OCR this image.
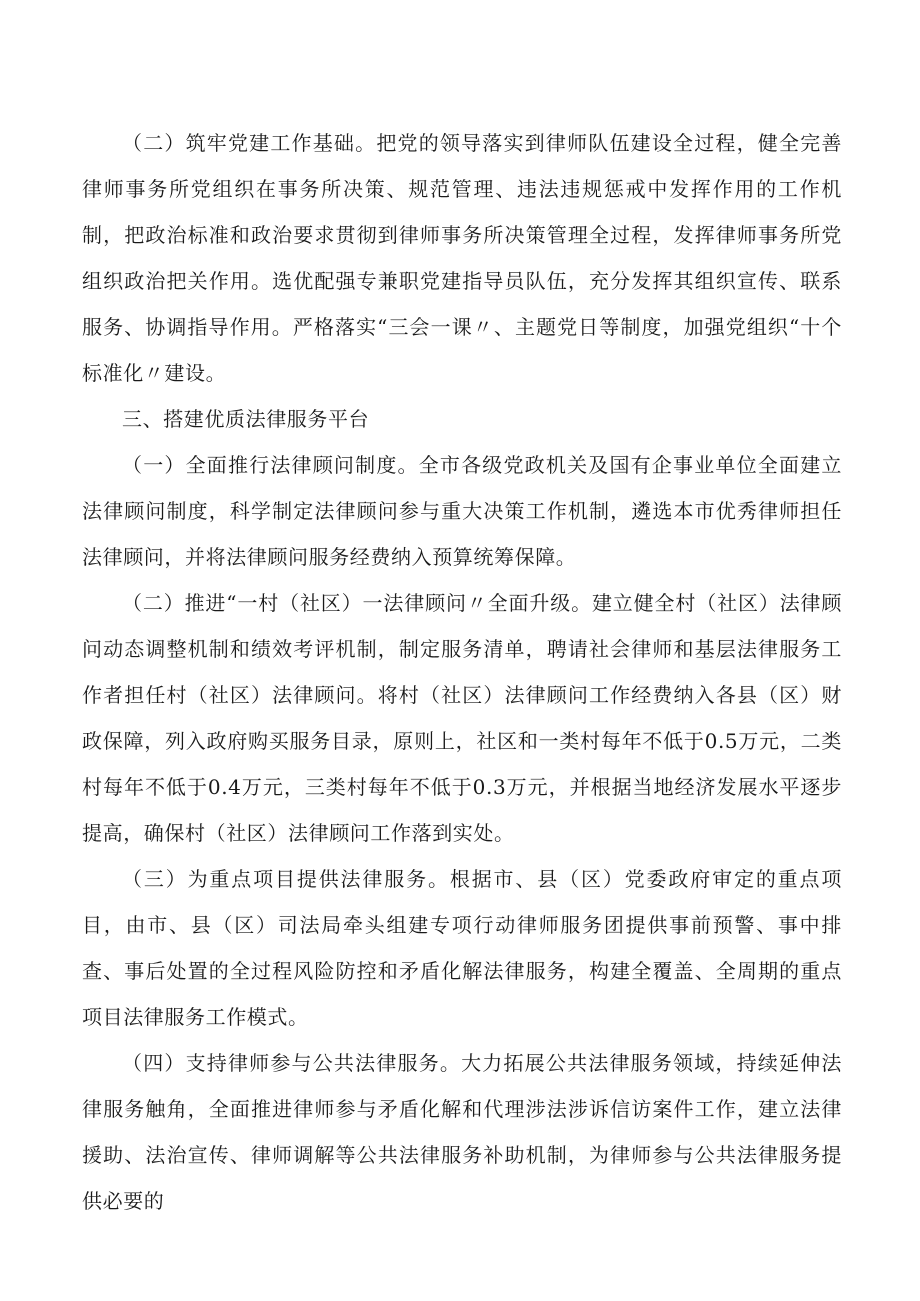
（二）筑牢党建工作基础。把党的领导落实到律师队伍建设全过程，健全完善律师事务所党组织在事务所决策、规范管理、违法违规惩戒中发挥作用的工作机制，把政治标准和政治要求贯彻到律师事务所决策管理全过程，发挥律师事务所党组织政治把关作用。选优配强专兼职党建指导员队伍，充分发挥其组织宣传、联系服务、协调指导作用。严格落实“三会一课〃、主题党日等制度，加强党组织“十个标准化〃建设。

三、搭建优质法律服务平台

（一）全面推行法律顾问制度。全市各级党政机关及国有企事业单位全面建立法律顾问制度，科学制定法律顾问参与重大决策工作机制，遴选本市优秀律师担任法律顾问，并将法律顾问服务经费纳入预算统筹保障。

（二）推进“一村（社区）一法律顾问〃全面升级。建立健全村（社区）法律顾问动态调整机制和绩效考评机制，制定服务清单，聘请社会律师和基层法律服务工作者担任村（社区）法律顾问。将村（社区）法律顾问工作经费纳入各县（区）财政保障，列入政府购买服务目录，原则上，社区和一类村每年不低于0.5万元，二类村每年不低于0.4万元，三类村每年不低于0.3万元，并根据当地经济发展水平逐步提高，确保村（社区）法律顾问工作落到实处。

（三）为重点项目提供法律服务。根据市、县（区）党委政府审定的重点项目，由市、县（区）司法局牵头组建专项行动律师服务团提供事前预警、事中排查、事后处置的全过程风险防控和矛盾化解法律服务，构建全覆盖、全周期的重点项目法律服务工作模式。

（四）支持律师参与公共法律服务。大力拓展公共法律服务领域，持续延伸法律服务触角，全面推进律师参与矛盾化解和代理涉法涉诉信访案件工作，建立法律援助、法治宣传、律师调解等公共法律服务补助机制，为律师参与公共法律服务提供必要的
